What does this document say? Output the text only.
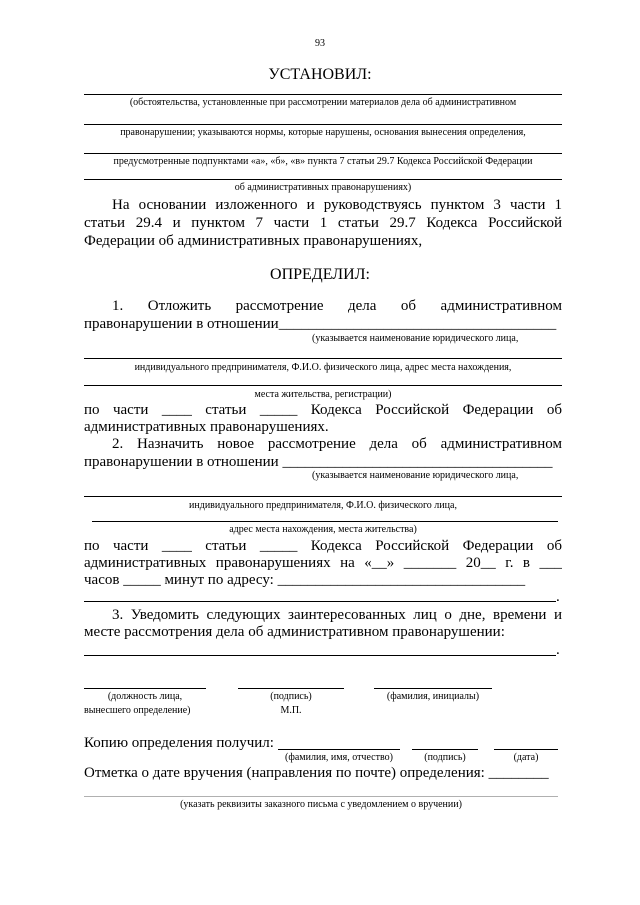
93
УСТАНОВИЛ:
(обстоятельства, установленные при рассмотрении материалов дела об административном
правонарушении; указываются нормы, которые нарушены, основания вынесения определения,
предусмотренные подпунктами «а», «б», «в» пункта 7 статьи 29.7 Кодекса Российской Федерации
об административных правонарушениях)
На основании изложенного и руководствуясь пунктом 3 части 1
статьи 29.4 и пунктом 7 части 1 статьи 29.7 Кодекса Российской
Федерации об административных правонарушениях,
ОПРЕДЕЛИЛ:
1. Отложить рассмотрение дела об административном
правонарушении в отношении_____________________________________
(указывается наименование юридического лица,
индивидуального предпринимателя, Ф.И.О. физического лица, адрес места нахождения,
места жительства, регистрации)
по части ____ статьи _____ Кодекса Российской Федерации об
административных правонарушениях.
2. Назначить новое рассмотрение дела об административном
правонарушении в отношении ____________________________________
(указывается наименование юридического лица,
индивидуального предпринимателя, Ф.И.О. физического лица,
адрес места нахождения, места жительства)
по части ____ статьи _____ Кодекса Российской Федерации об
административных правонарушениях на «__» _______ 20__ г. в ___
часов _____ минут по адресу: _________________________________
.
3. Уведомить следующих заинтересованных лиц о дне, времени и
месте рассмотрения дела об административном правонарушении:
.
(должность лица,
вынесшего определение)
(подпись)
М.П.
(фамилия, инициалы)
Копию определения получил:
(фамилия, имя, отчество)	(подпись)	(дата)
Отметка о дате вручения (направления по почте) определения: ________
(указать реквизиты заказного письма с уведомлением о вручении)
